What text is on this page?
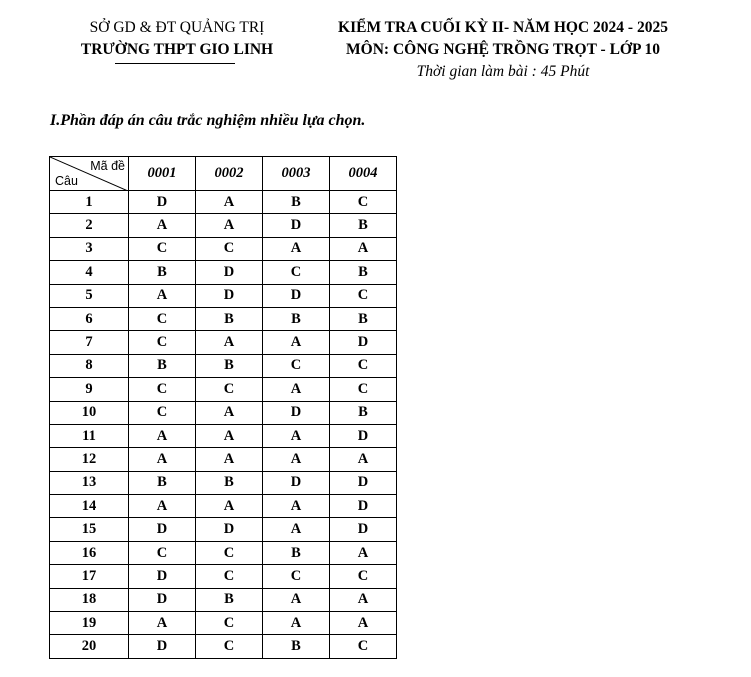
SỞ GD & ĐT QUẢNG TRỊ
TRƯỜNG THPT GIO LINH
KIỂM TRA CUỐI KỲ II- NĂM HỌC 2024 - 2025
MÔN: CÔNG NGHỆ TRỒNG TRỌT - LỚP 10
Thời gian làm bài : 45 Phút
I.Phần đáp án câu trắc nghiệm nhiều lựa chọn.
Mã đề
Câu	0001	0002	0003	0004
1	D	A	B	C
2	A	A	D	B
3	C	C	A	A
4	B	D	C	B
5	A	D	D	C
6	C	B	B	B
7	C	A	A	D
8	B	B	C	C
9	C	C	A	C
10	C	A	D	B
11	A	A	A	D
12	A	A	A	A
13	B	B	D	D
14	A	A	A	D
15	D	D	A	D
16	C	C	B	A
17	D	C	C	C
18	D	B	A	A
19	A	C	A	A
20	D	C	B	C
